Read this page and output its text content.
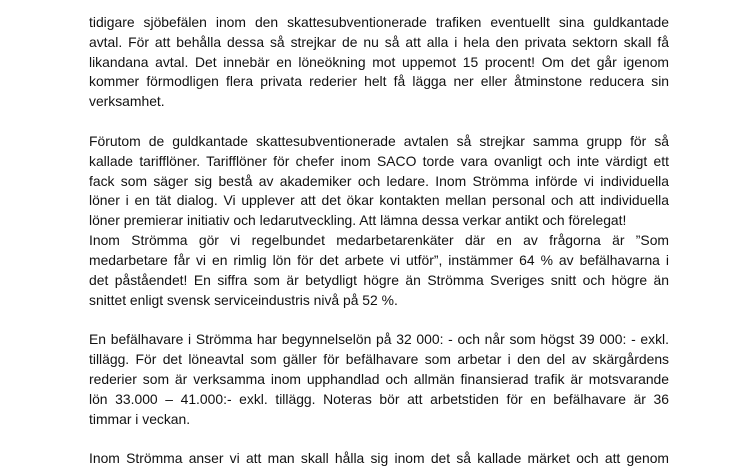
tidigare sjöbefälen inom den skattesubventionerade trafiken eventuellt sina guldkantade
avtal. För att behålla dessa så strejkar de nu så att alla i hela den privata sektorn skall få
likandana avtal. Det innebär en löneökning mot uppemot 15 procent! Om det går igenom
kommer förmodligen flera privata rederier helt få lägga ner eller åtminstone reducera sin
verksamhet.
Förutom de guldkantade skattesubventionerade avtalen så strejkar samma grupp för så
kallade tarifflöner. Tarifflöner för chefer inom SACO torde vara ovanligt och inte värdigt ett
fack som säger sig bestå av akademiker och ledare. Inom Strömma införde vi individuella
löner i en tät dialog. Vi upplever att det ökar kontakten mellan personal och att individuella
löner premierar initiativ och ledarutveckling. Att lämna dessa verkar antikt och förelegat!
Inom Strömma gör vi regelbundet medarbetarenkäter där en av frågorna är ”Som
medarbetare får vi en rimlig lön för det arbete vi utför”, instämmer 64 % av befälhavarna i
det påståendet! En siffra som är betydligt högre än Strömma Sveriges snitt och högre än
snittet enligt svensk serviceindustris nivå på 52 %.
En befälhavare i Strömma har begynnelselön på 32 000: - och når som högst 39 000: - exkl.
tillägg. För det löneavtal som gäller för befälhavare som arbetar i den del av skärgårdens
rederier som är verksamma inom upphandlad och allmän finansierad trafik är motsvarande
lön 33.000 – 41.000:- exkl. tillägg. Noteras bör att arbetstiden för en befälhavare är 36
timmar i veckan.
Inom Strömma anser vi att man skall hålla sig inom det så kallade märket och att genom
